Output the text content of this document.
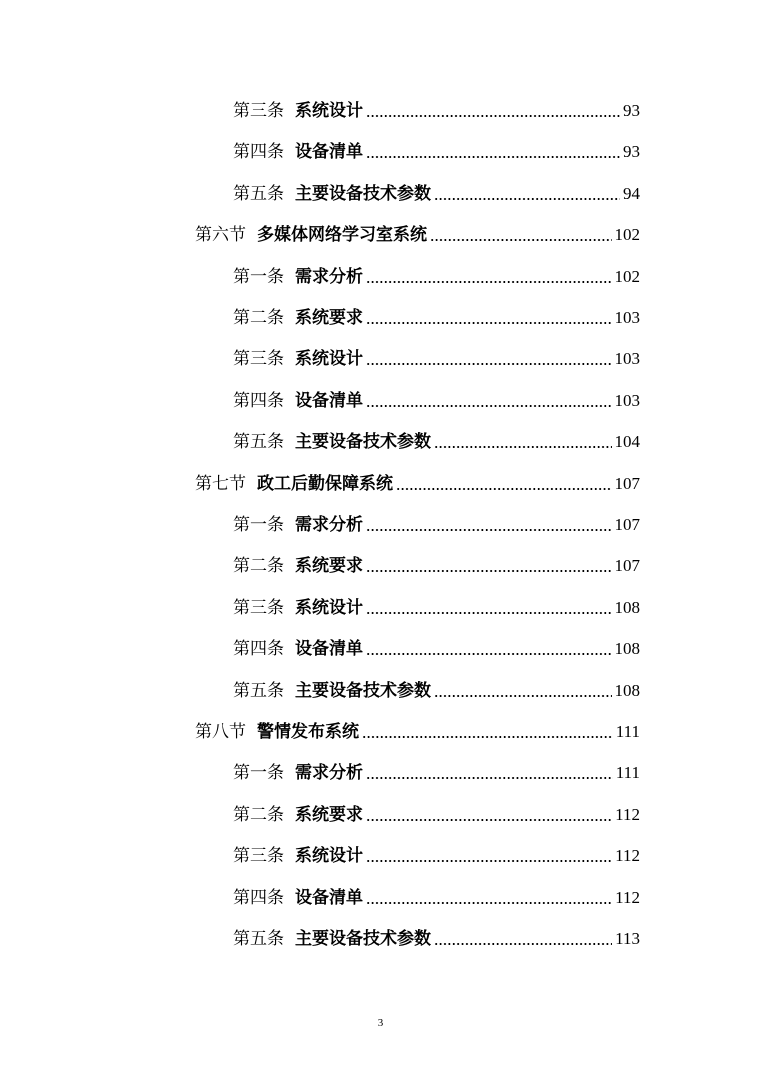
第三条 系统设计	93
第四条 设备清单	93
第五条 主要设备技术参数	94
第六节 多媒体网络学习室系统	102
第一条 需求分析	102
第二条 系统要求	103
第三条 系统设计	103
第四条 设备清单	103
第五条 主要设备技术参数	104
第七节 政工后勤保障系统	107
第一条 需求分析	107
第二条 系统要求	107
第三条 系统设计	108
第四条 设备清单	108
第五条 主要设备技术参数	108
第八节 警情发布系统	111
第一条 需求分析	111
第二条 系统要求	112
第三条 系统设计	112
第四条 设备清单	112
第五条 主要设备技术参数	113
3
